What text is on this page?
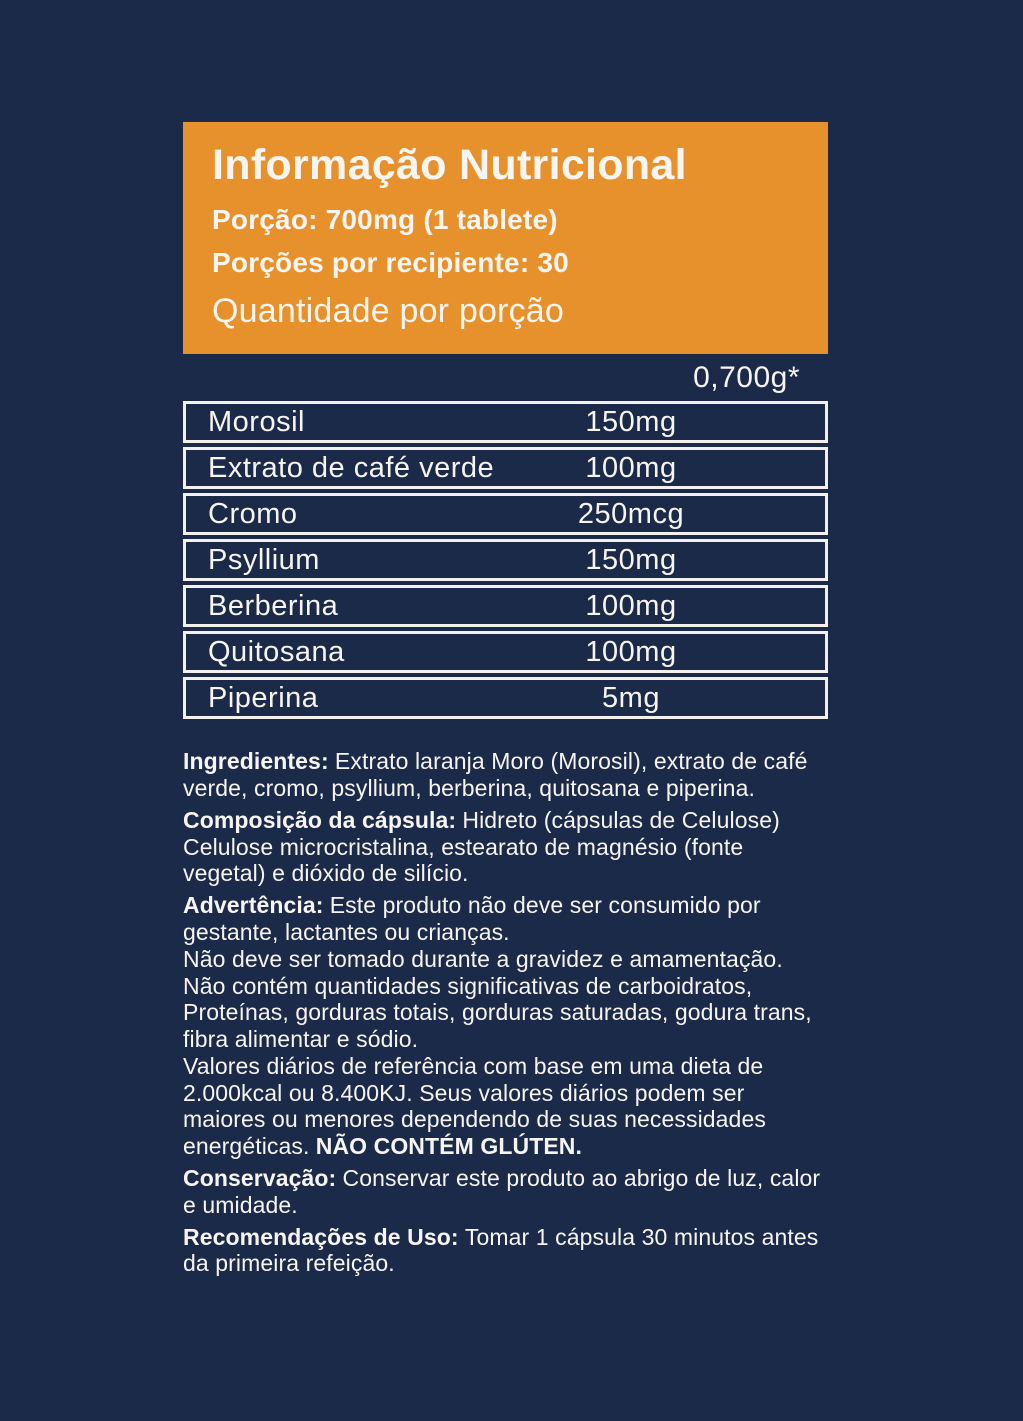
Informação Nutricional

Porção: 700mg (1 tablete)

Porções por recipiente: 30

Quantidade por porção

0,700g*
Morosil	150mg
Extrato de café verde	100mg
Cromo	250mcg
Psyllium	150mg
Berberina	100mg
Quitosana	100mg
Piperina	5mg

Ingredientes: Extrato laranja Moro (Morosil), extrato de café verde, cromo, psyllium, berberina, quitosana e piperina.

Composição da cápsula: Hidreto (cápsulas de Celulose) Celulose microcristalina, estearato de magnésio (fonte vegetal) e dióxido de silício.

Advertência: Este produto não deve ser consumido por gestante, lactantes ou crianças.

Não deve ser tomado durante a gravidez e amamentação.

Não contém quantidades significativas de carboidratos, Proteínas, gorduras totais, gorduras saturadas, godura trans, fibra alimentar e sódio.

Valores diários de referência com base em uma dieta de 2.000kcal ou 8.400KJ. Seus valores diários podem ser maiores ou menores dependendo de suas necessidades energéticas. NÃO CONTÉM GLÚTEN.

Conservação: Conservar este produto ao abrigo de luz, calor e umidade.

Recomendações de Uso: Tomar 1 cápsula 30 minutos antes da primeira refeição.
